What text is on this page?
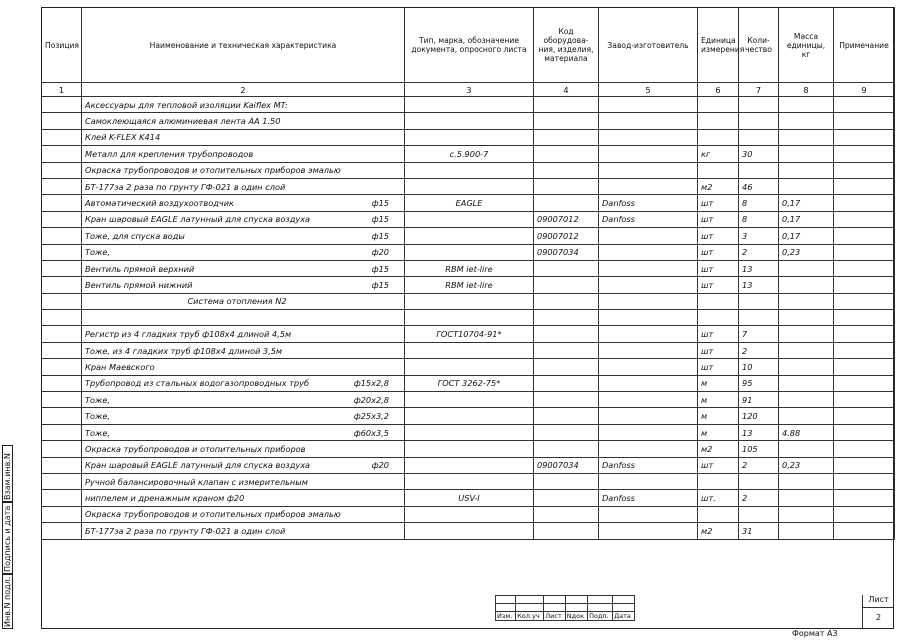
Позиция	Наименование и техническая характеристика	Тип, марка, обозначение документа, опросного листа	Код оборудова-ния, изделия, материала	Завод-изготовитель	Единица измерения	Коли-чество	Масса единицы, кг	Примечание
1	2	3	4	5	6	7	8	9

	Аксессуары для тепловой изоляции Kaiflex MT:							

	Самоклеющаяся алюминиевая лента AA 1.50							

	Клей K-FLEX K414							

	Металл для крепления трубопроводов	с.5.900-7			кг	30		

	Окраска трубопроводов и отопительных приборов эмалью							

	БТ-177за 2 раза по грунту ГФ-021 в один слой				м2	46		

	Автоматический воздухоотводчик ф15	EAGLE		Danfoss	шт	8	0,17	

	Кран шаровый EAGLE латунный для спуска воздуха ф15		09007012	Danfoss	шт	8	0,17	

	Тоже, для спуска воды ф15		09007012		шт	3	0,17	

	Тоже, ф20		09007034		шт	2	0,23	

	Вентиль прямой верхний ф15	RBM iet-lire			шт	13		

	Вентиль прямой нижний ф15	RBM iet-lire			шт	13		

	Система отопления N2							

	Регистр из 4 гладких труб ф108х4 длиной 4,5м	ГОСТ10704-91*			шт	7		

	Тоже, из 4 гладких труб ф108х4 длиной 3,5м				шт	2		

	Кран Маевского				шт	10		

	Трубопровод из стальных водогазопроводных труб ф15х2,8	ГОСТ 3262-75*			м	95		

	Тоже, ф20х2,8				м	91		

	Тоже, ф25х3,2				м	120		

	Тоже, ф60х3,5				м	13	4.88	

	Окраска трубопроводов и отопительных приборов				м2	105		

	Кран шаровый EAGLE латунный для спуска воздуха ф20		09007034	Danfoss	шт	2	0,23	

	Ручной балансировочный клапан с измерительным							

	ниппелем и дренажным краном ф20	USV-I		Danfoss	шт.	2		

	Окраска трубопроводов и отопительных приборов эмалью							

	БТ-177за 2 раза по грунту ГФ-021 в один слой				м2	31		
Взам.инв.N
Подпись и дата
Инв.N подл.

						Изм.	Кол.уч	Лист	Nдок	Подп.	Дата
Лист
2
Формат А3
